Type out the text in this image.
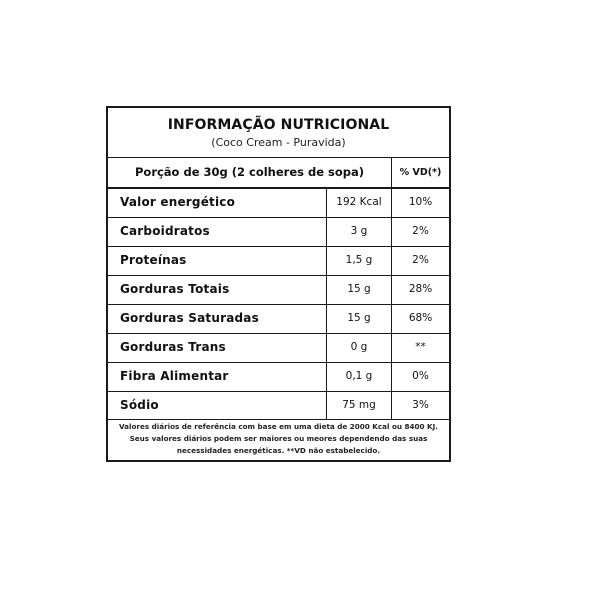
INFORMAÇÃO NUTRICIONAL
(Coco Cream - Puravida)
Porção de 30g (2 colheres de sopa)	% VD(*)
Valor energético	192 Kcal	10%
Carboidratos	3 g	2%
Proteínas	1,5 g	2%
Gorduras Totais	15 g	28%
Gorduras Saturadas	15 g	68%
Gorduras Trans	0 g	**
Fibra Alimentar	0,1 g	0%
Sódio	75 mg	3%
Valores diários de referência com base em uma dieta de 2000 Kcal ou 8400 KJ. Seus valores diários podem ser maiores ou meores dependendo das suas necessidades energéticas. **VD não estabelecido.
